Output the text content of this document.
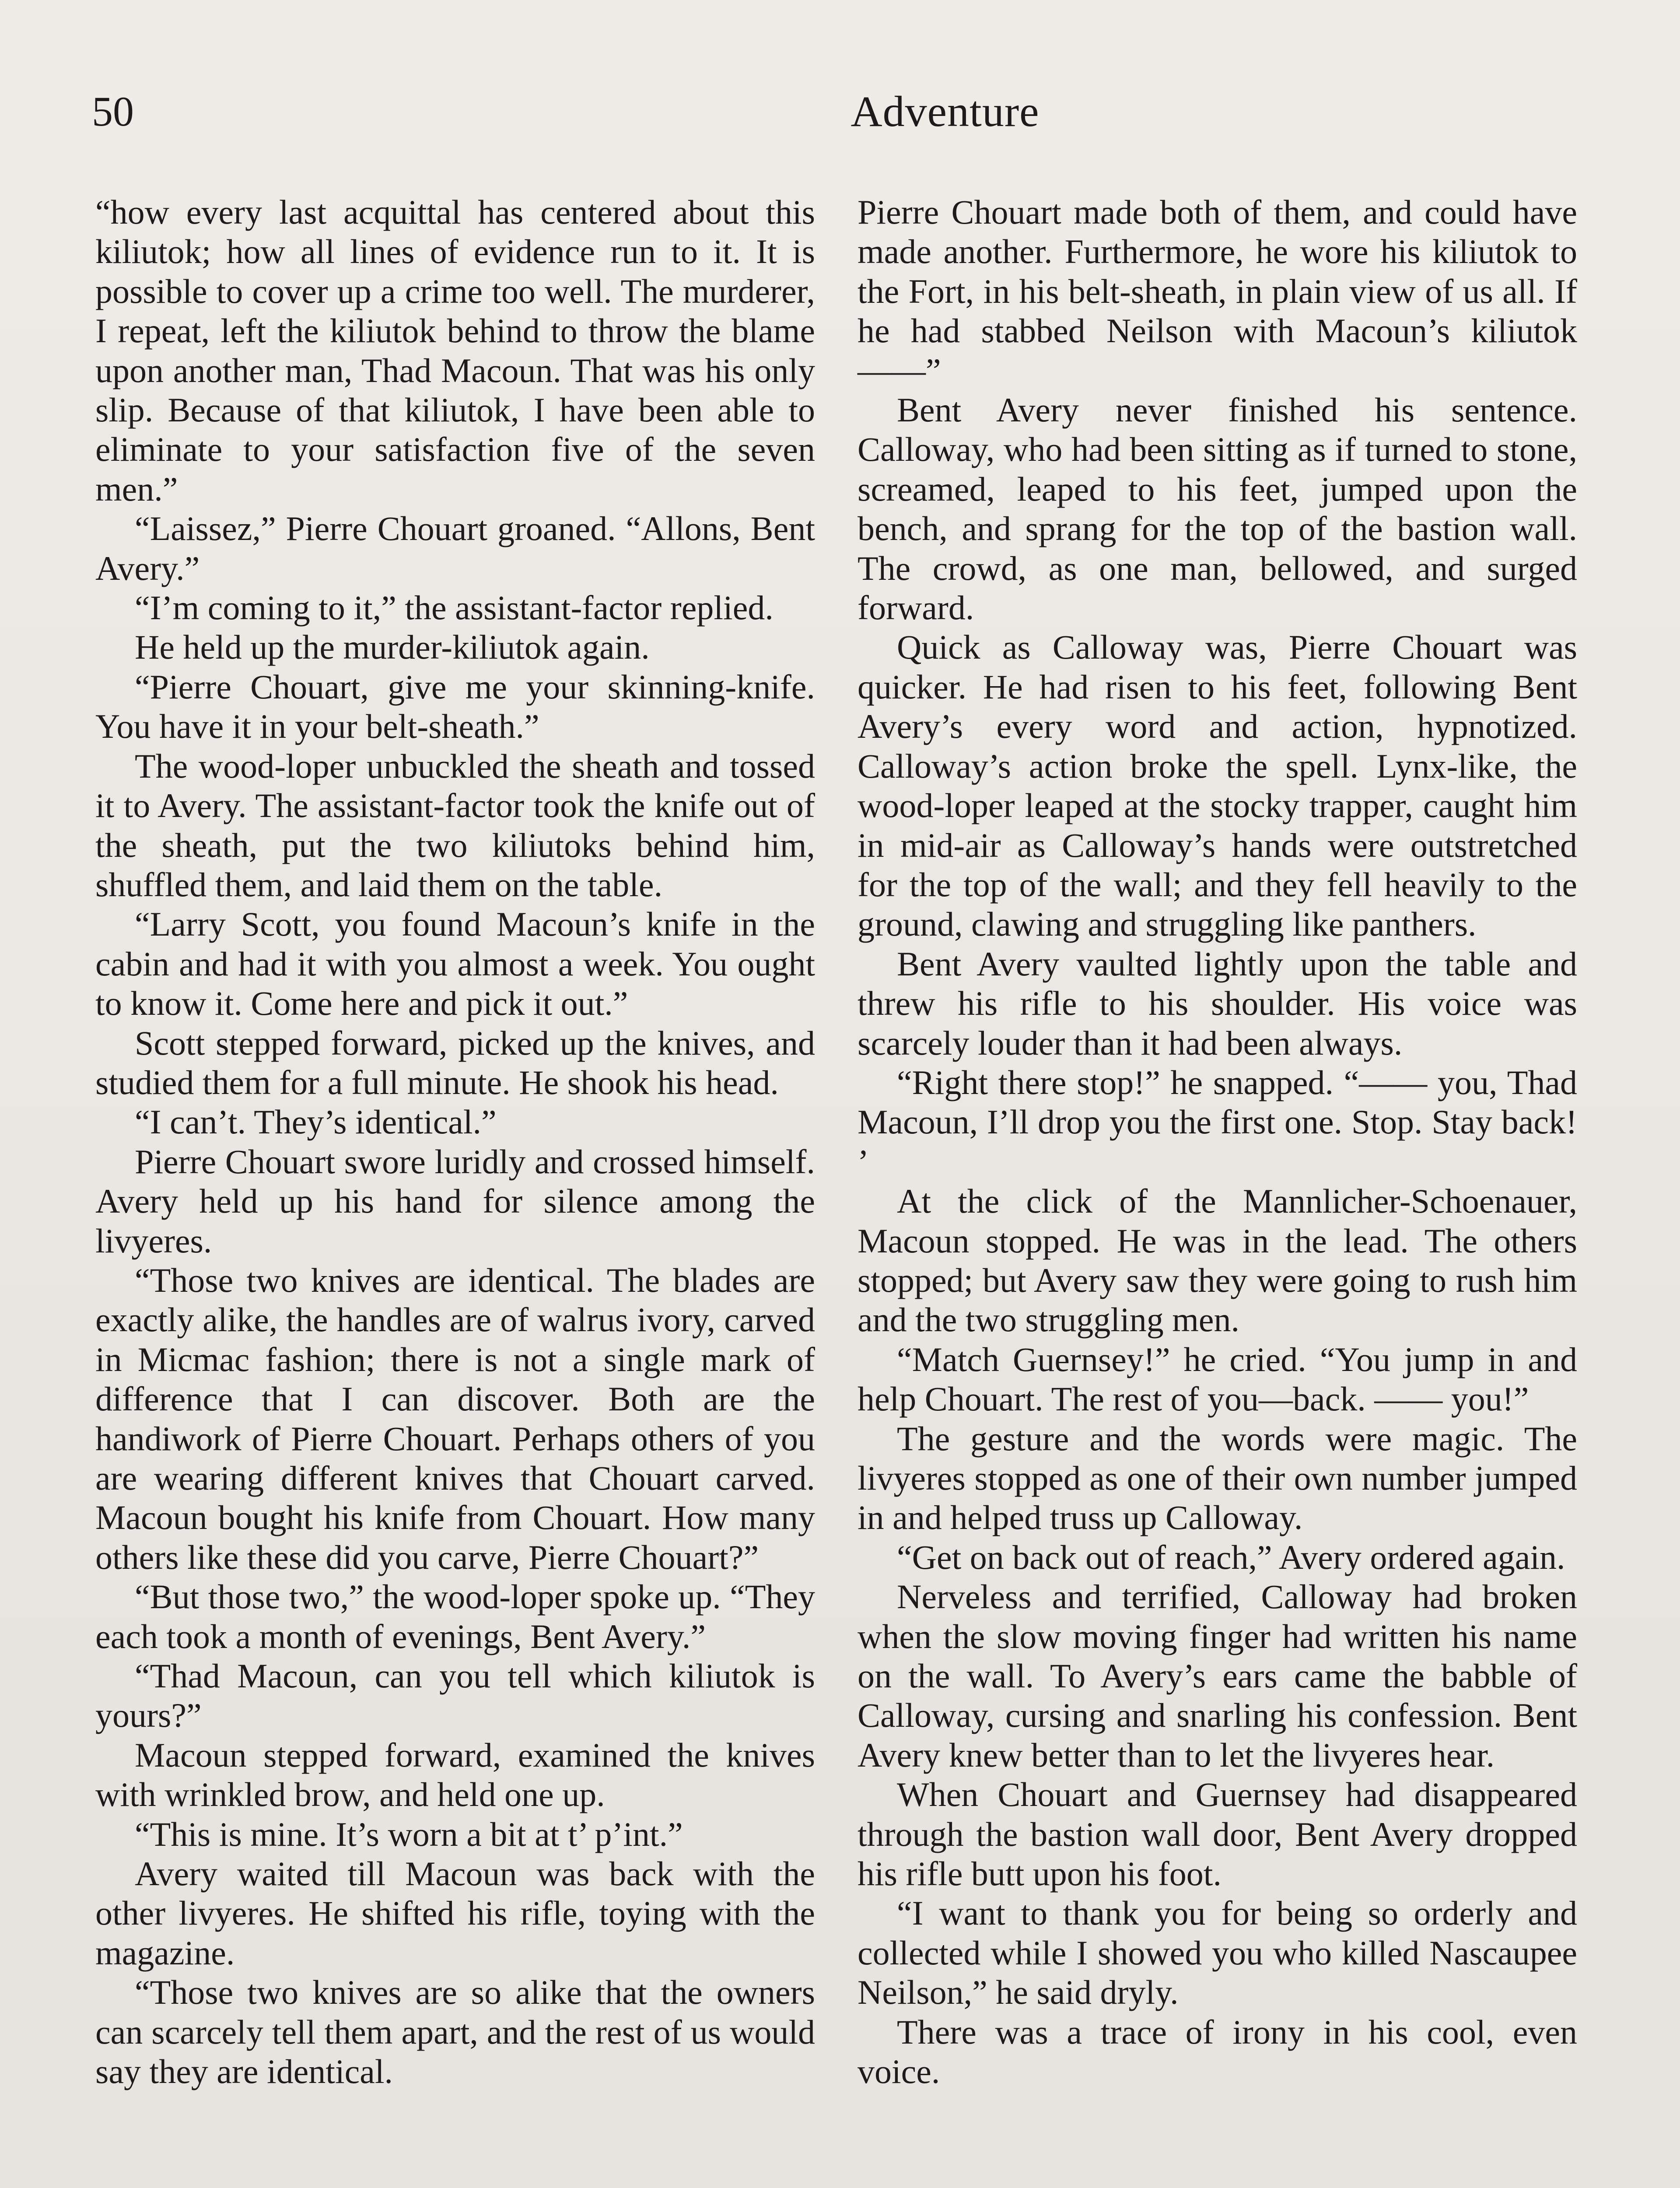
50	Adventure

“how every last acquittal has centered about this kiliutok; how all lines of evidence run to it. It is possible to cover up a crime too well. The murderer, I repeat, left the kiliutok behind to throw the blame upon another man, Thad Macoun. That was his only slip. Because of that kiliutok, I have been able to eliminate to your satisfaction five of the seven men.”

“Laissez,” Pierre Chouart groaned. “Allons, Bent Avery.”

“I’m coming to it,” the assistant-factor replied.

He held up the murder-kiliutok again.

“Pierre Chouart, give me your skinning-knife. You have it in your belt-sheath.”

The wood-loper unbuckled the sheath and tossed it to Avery. The assistant-factor took the knife out of the sheath, put the two kiliutoks behind him, shuffled them, and laid them on the table.

“Larry Scott, you found Macoun’s knife in the cabin and had it with you almost a week. You ought to know it. Come here and pick it out.”

Scott stepped forward, picked up the knives, and studied them for a full minute. He shook his head.

“I can’t. They’s identical.”

Pierre Chouart swore luridly and crossed himself. Avery held up his hand for silence among the livyeres.

“Those two knives are identical. The blades are exactly alike, the handles are of walrus ivory, carved in Micmac fashion; there is not a single mark of difference that I can discover. Both are the handiwork of Pierre Chouart. Perhaps others of you are wearing different knives that Chouart carved. Macoun bought his knife from Chouart. How many others like these did you carve, Pierre Chouart?”

“But those two,” the wood-loper spoke up. “They each took a month of evenings, Bent Avery.”

“Thad Macoun, can you tell which kiliutok is yours?”

Macoun stepped forward, examined the knives with wrinkled brow, and held one up.

“This is mine. It’s worn a bit at t’ p’int.”

Avery waited till Macoun was back with the other livyeres. He shifted his rifle, toying with the magazine.

“Those two knives are so alike that the owners can scarcely tell them apart, and the rest of us would say they are identical.

Pierre Chouart made both of them, and could have made another. Furthermore, he wore his kiliutok to the Fort, in his belt-sheath, in plain view of us all. If he had stabbed Neilson with Macoun’s kiliutok——”

Bent Avery never finished his sentence. Calloway, who had been sitting as if turned to stone, screamed, leaped to his feet, jumped upon the bench, and sprang for the top of the bastion wall. The crowd, as one man, bellowed, and surged forward.

Quick as Calloway was, Pierre Chouart was quicker. He had risen to his feet, following Bent Avery’s every word and action, hypnotized. Calloway’s action broke the spell. Lynx-like, the wood-loper leaped at the stocky trapper, caught him in mid-air as Calloway’s hands were outstretched for the top of the wall; and they fell heavily to the ground, clawing and struggling like panthers.

Bent Avery vaulted lightly upon the table and threw his rifle to his shoulder. His voice was scarcely louder than it had been always.

“Right there stop!” he snapped. “—— you, Thad Macoun, I’ll drop you the first one. Stop. Stay back! ’

At the click of the Mannlicher-Schoenauer, Macoun stopped. He was in the lead. The others stopped; but Avery saw they were going to rush him and the two struggling men.

“Match Guernsey!” he cried. “You jump in and help Chouart. The rest of you—back. —— you!”

The gesture and the words were magic. The livyeres stopped as one of their own number jumped in and helped truss up Calloway.

“Get on back out of reach,” Avery ordered again.

Nerveless and terrified, Calloway had broken when the slow moving finger had written his name on the wall. To Avery’s ears came the babble of Calloway, cursing and snarling his confession. Bent Avery knew better than to let the livyeres hear.

When Chouart and Guernsey had disappeared through the bastion wall door, Bent Avery dropped his rifle butt upon his foot.

“I want to thank you for being so orderly and collected while I showed you who killed Nascaupee Neilson,” he said dryly.

There was a trace of irony in his cool, even voice.
